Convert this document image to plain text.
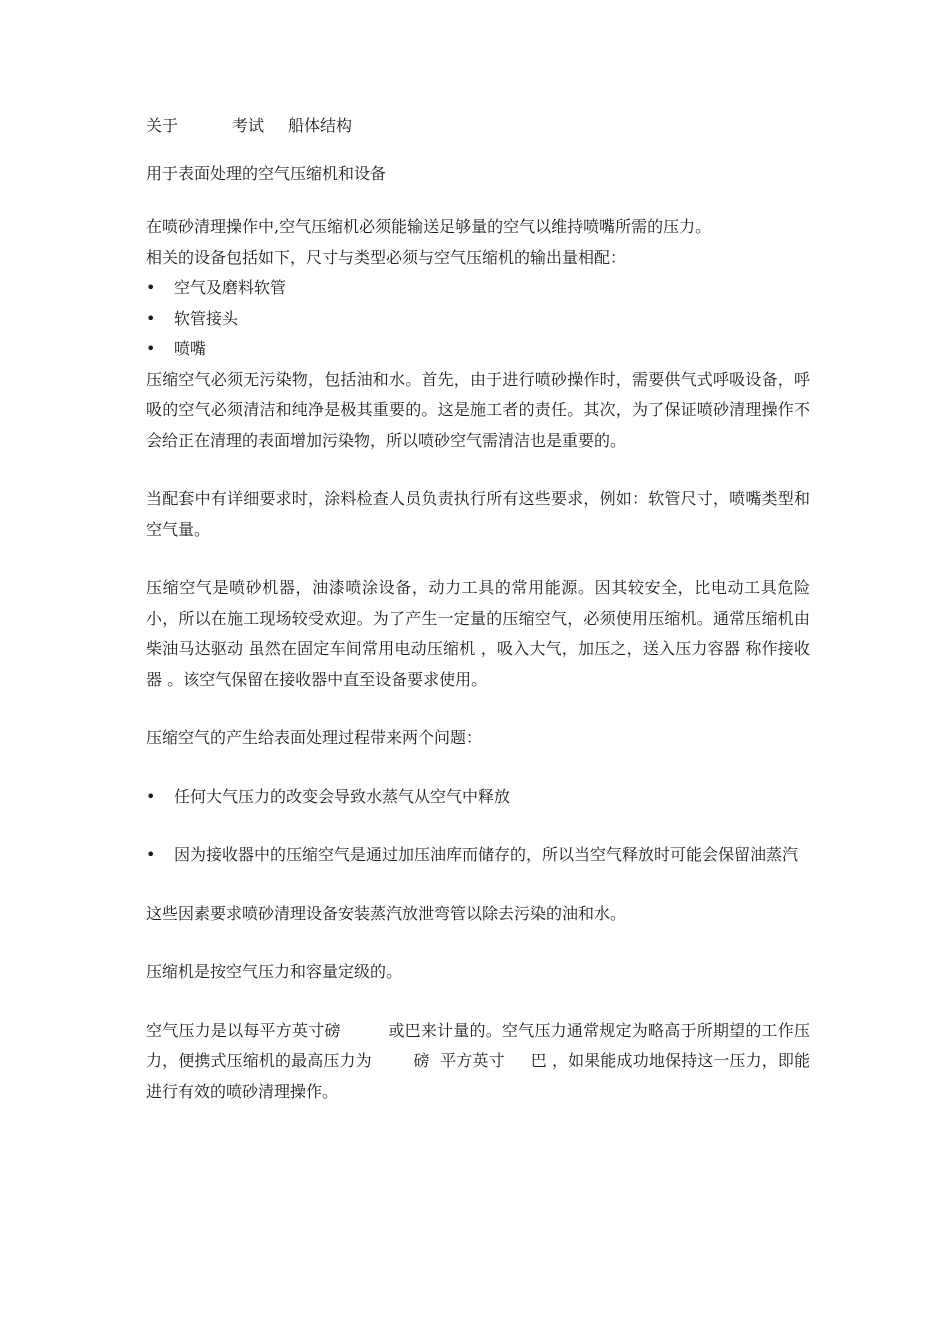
关于	考试	船体结构
用于表面处理的空气压缩机和设备

在喷砂清理操作中,空气压缩机必须能输送足够量的空气以维持喷嘴所需的压力。

相关的设备包括如下，尺寸与类型必须与空气压缩机的输出量相配：

• 空气及磨料软管
• 软管接头
• 喷嘴

压缩空气必须无污染物，包括油和水。首先，由于进行喷砂操作时，需要供气式呼吸设备，呼吸的空气必须清洁和纯净是极其重要的。这是施工者的责任。其次，为了保证喷砂清理操作不会给正在清理的表面增加污染物，所以喷砂空气需清洁也是重要的。

当配套中有详细要求时，涂料检查人员负责执行所有这些要求，例如：软管尺寸，喷嘴类型和空气量。

压缩空气是喷砂机器，油漆喷涂设备，动力工具的常用能源。因其较安全，比电动工具危险小，所以在施工现场较受欢迎。为了产生一定量的压缩空气，必须使用压缩机。通常压缩机由柴油马达驱动 虽然在固定车间常用电动压缩机 ，吸入大气，加压之，送入压力容器 称作接收器 。该空气保留在接收器中直至设备要求使用。

压缩空气的产生给表面处理过程带来两个问题：

• 任何大气压力的改变会导致水蒸气从空气中释放
• 因为接收器中的压缩空气是通过加压油库而储存的，所以当空气释放时可能会保留油蒸汽

这些因素要求喷砂清理设备安装蒸汽放泄弯管以除去污染的油和水。

压缩机是按空气压力和容量定级的。

空气压力是以每平方英寸磅         或巴来计量的。空气压力通常规定为略高于所期望的工作压力，便携式压缩机的最高压力为        磅  平方英寸     巴 ，如果能成功地保持这一压力，即能进行有效的喷砂清理操作。
